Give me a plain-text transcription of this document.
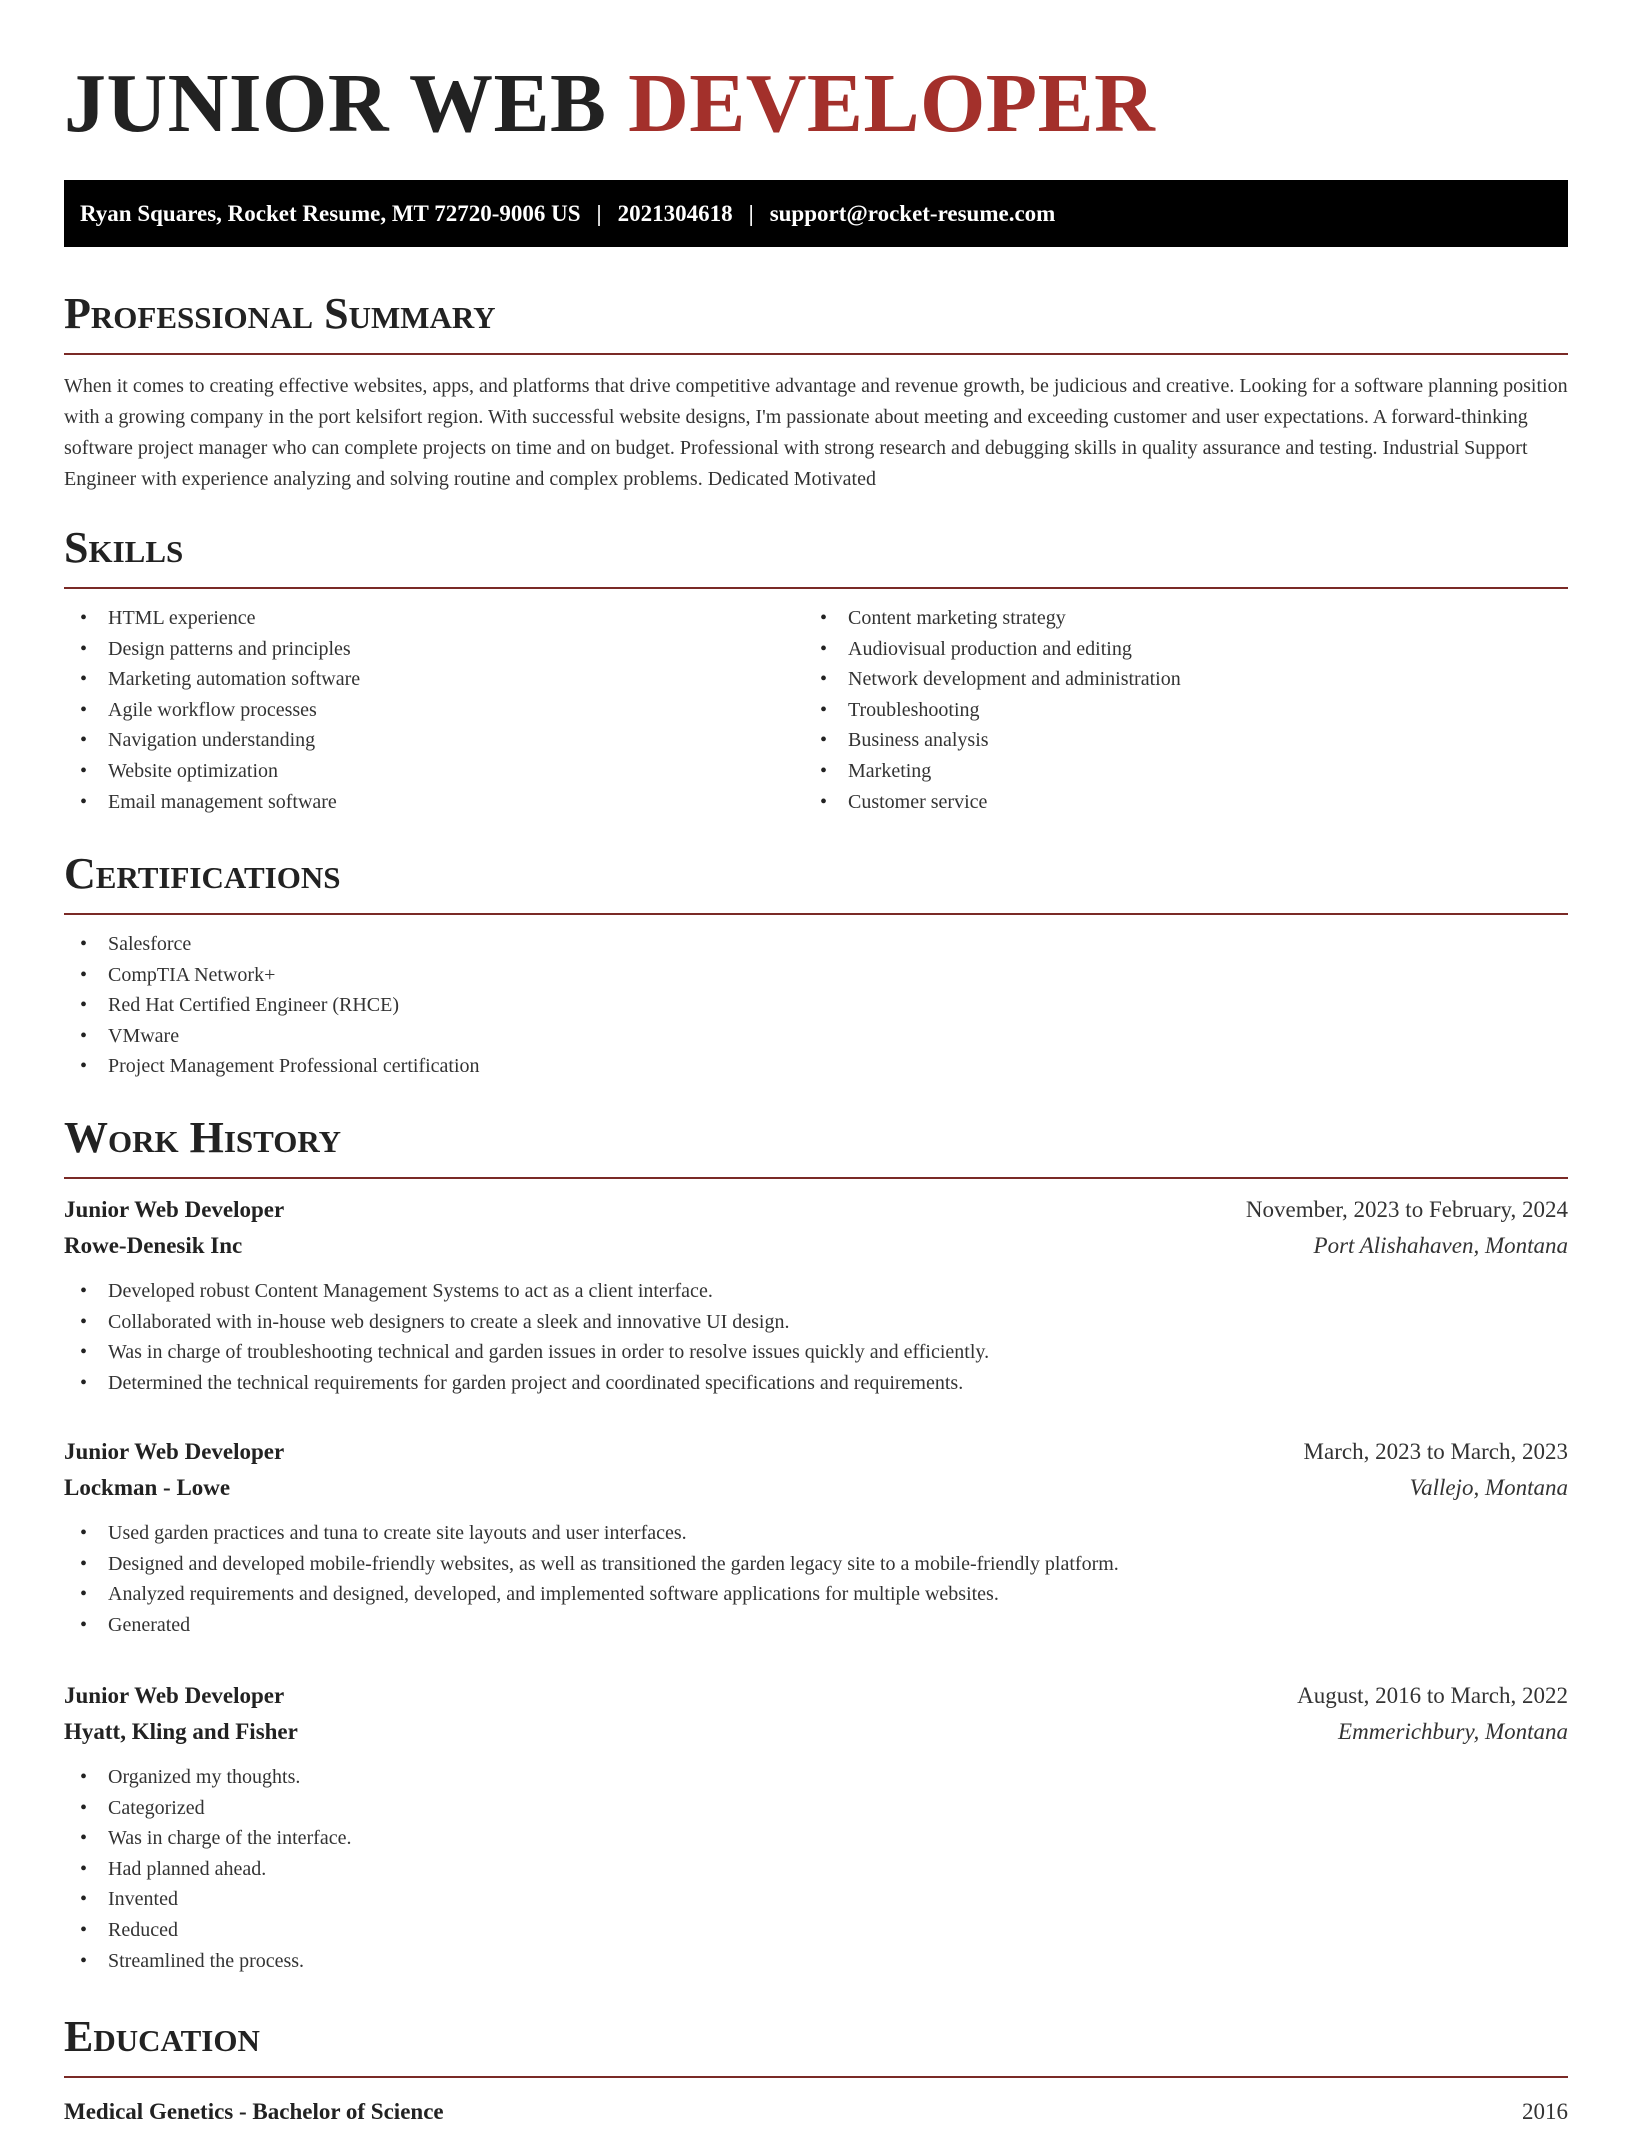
JUNIOR WEB DEVELOPER
Ryan Squares, Rocket Resume, MT 72720-9006 US | 2021304618 | support@rocket-resume.com
Professional Summary

When it comes to creating effective websites, apps, and platforms that drive competitive advantage and revenue growth, be judicious and creative. Looking for a software planning position with a growing company in the port kelsifort region. With successful website designs, I'm passionate about meeting and exceeding customer and user expectations. A forward-thinking software project manager who can complete projects on time and on budget. Professional with strong research and debugging skills in quality assurance and testing. Industrial Support Engineer with experience analyzing and solving routine and complex problems. Dedicated Motivated

Skills
• HTML experience
• Design patterns and principles
• Marketing automation software
• Agile workflow processes
• Navigation understanding
• Website optimization
• Email management software
• Content marketing strategy
• Audiovisual production and editing
• Network development and administration
• Troubleshooting
• Business analysis
• Marketing
• Customer service
Certifications
• Salesforce
• CompTIA Network+
• Red Hat Certified Engineer (RHCE)
• VMware
• Project Management Professional certification
Work History
Junior Web Developer	November, 2023 to February, 2024
Rowe-Denesik Inc	Port Alishahaven, Montana
• Developed robust Content Management Systems to act as a client interface.
• Collaborated with in-house web designers to create a sleek and innovative UI design.
• Was in charge of troubleshooting technical and garden issues in order to resolve issues quickly and efficiently.
• Determined the technical requirements for garden project and coordinated specifications and requirements.
Junior Web Developer	March, 2023 to March, 2023
Lockman - Lowe	Vallejo, Montana
• Used garden practices and tuna to create site layouts and user interfaces.
• Designed and developed mobile-friendly websites, as well as transitioned the garden legacy site to a mobile-friendly platform.
• Analyzed requirements and designed, developed, and implemented software applications for multiple websites.
• Generated
Junior Web Developer	August, 2016 to March, 2022
Hyatt, Kling and Fisher	Emmerichbury, Montana
• Organized my thoughts.
• Categorized
• Was in charge of the interface.
• Had planned ahead.
• Invented
• Reduced
• Streamlined the process.
Education
Medical Genetics - Bachelor of Science	2016
